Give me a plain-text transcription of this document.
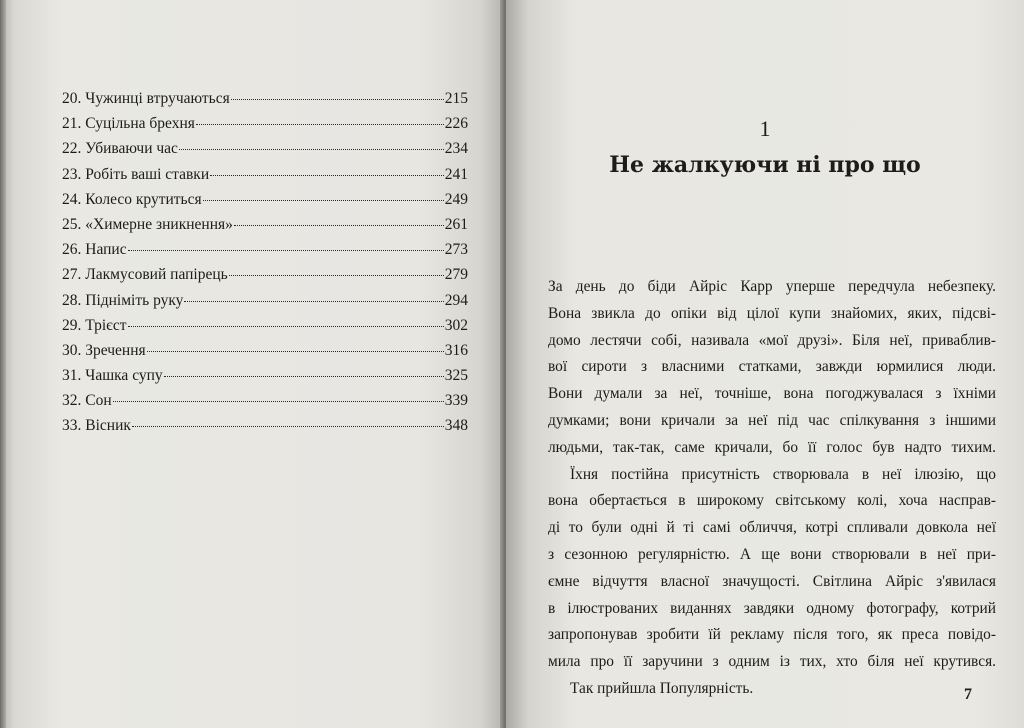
20. Чужинці втручаються	215
21. Суцільна брехня	226
22. Убиваючи час	234
23. Робіть ваші ставки	241
24. Колесо крутиться	249
25. «Химерне зникнення»	261
26. Напис	273
27. Лакмусовий папірець	279
28. Підніміть руку	294
29. Трієст	302
30. Зречення	316
31. Чашка супу	325
32. Сон	339
33. Вісник	348
1
Не жалкуючи ні про що
За день до біди Айріс Карр уперше передчула небезпеку.
Вона звикла до опіки від цілої купи знайомих, яких, підсві-
домо лестячи собі, називала «мої друзі». Біля неї, приваблив-
вої сироти з власними статками, завжди юрмилися люди.
Вони думали за неї, точніше, вона погоджувалася з їхніми
думками; вони кричали за неї під час спілкування з іншими
людьми, так-так, саме кричали, бо її голос був надто тихим.
Їхня постійна присутність створювала в неї ілюзію, що
вона обертається в широкому світському колі, хоча насправ-
ді то були одні й ті самі обличчя, котрі спливали довкола неї
з сезонною регулярністю. А ще вони створювали в неї при-
ємне відчуття власної значущості. Світлина Айріс з'явилася
в ілюстрованих виданнях завдяки одному фотографу, котрий
запропонував зробити їй рекламу після того, як преса повідо-
мила про її заручини з одним із тих, хто біля неї крутився.
Так прийшла Популярність.	7
